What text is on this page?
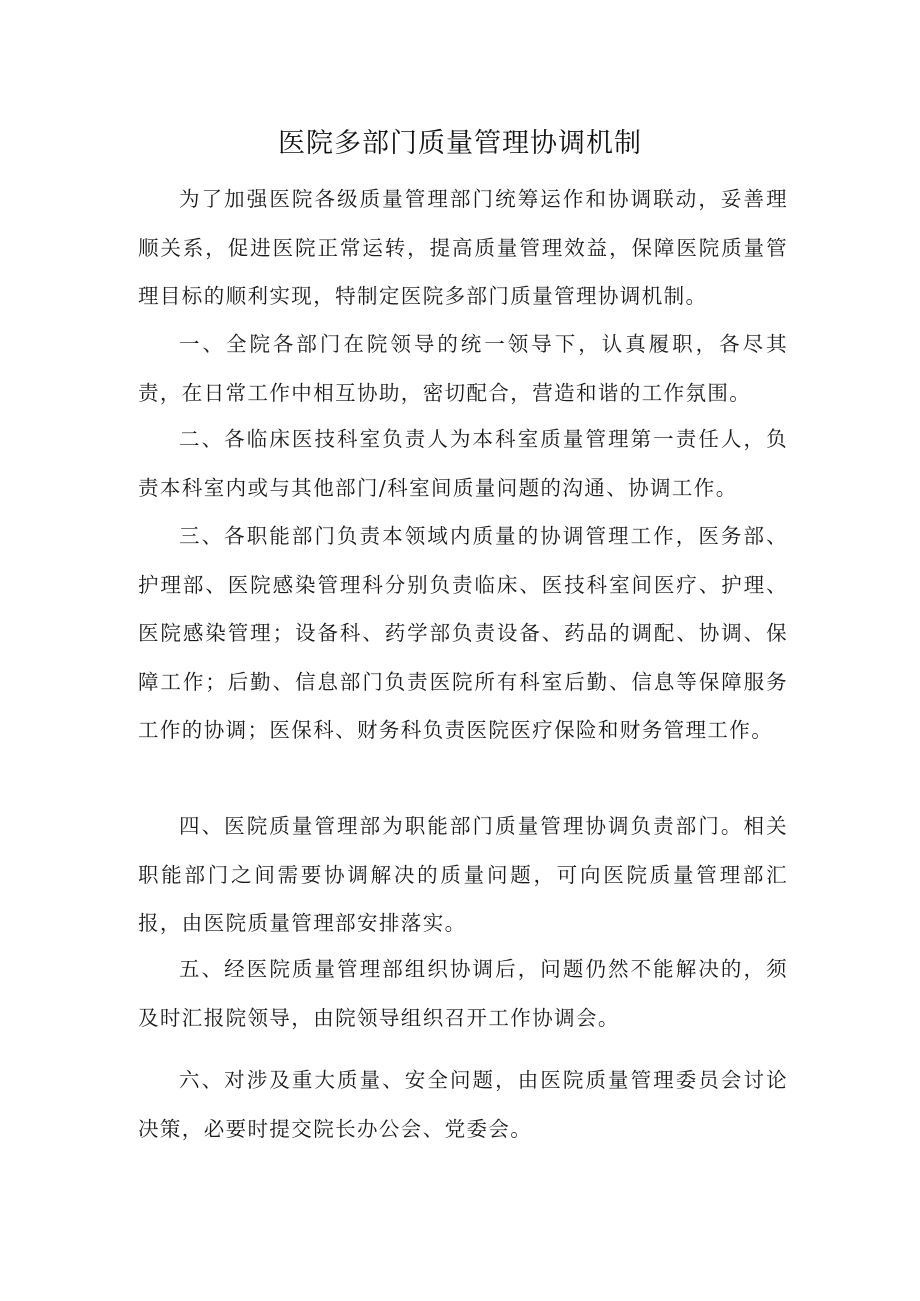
医院多部门质量管理协调机制

为了加强医院各级质量管理部门统筹运作和协调联动，妥善理顺关系，促进医院正常运转，提高质量管理效益，保障医院质量管理目标的顺利实现，特制定医院多部门质量管理协调机制。

一、全院各部门在院领导的统一领导下，认真履职，各尽其责，在日常工作中相互协助，密切配合，营造和谐的工作氛围。

二、各临床医技科室负责人为本科室质量管理第一责任人，负责本科室内或与其他部门/科室间质量问题的沟通、协调工作。

三、各职能部门负责本领域内质量的协调管理工作，医务部、护理部、医院感染管理科分别负责临床、医技科室间医疗、护理、医院感染管理；设备科、药学部负责设备、药品的调配、协调、保障工作；后勤、信息部门负责医院所有科室后勤、信息等保障服务工作的协调；医保科、财务科负责医院医疗保险和财务管理工作。

四、医院质量管理部为职能部门质量管理协调负责部门。相关职能部门之间需要协调解决的质量问题，可向医院质量管理部汇报，由医院质量管理部安排落实。

五、经医院质量管理部组织协调后，问题仍然不能解决的，须及时汇报院领导，由院领导组织召开工作协调会。

六、对涉及重大质量、安全问题，由医院质量管理委员会讨论决策，必要时提交院长办公会、党委会。
